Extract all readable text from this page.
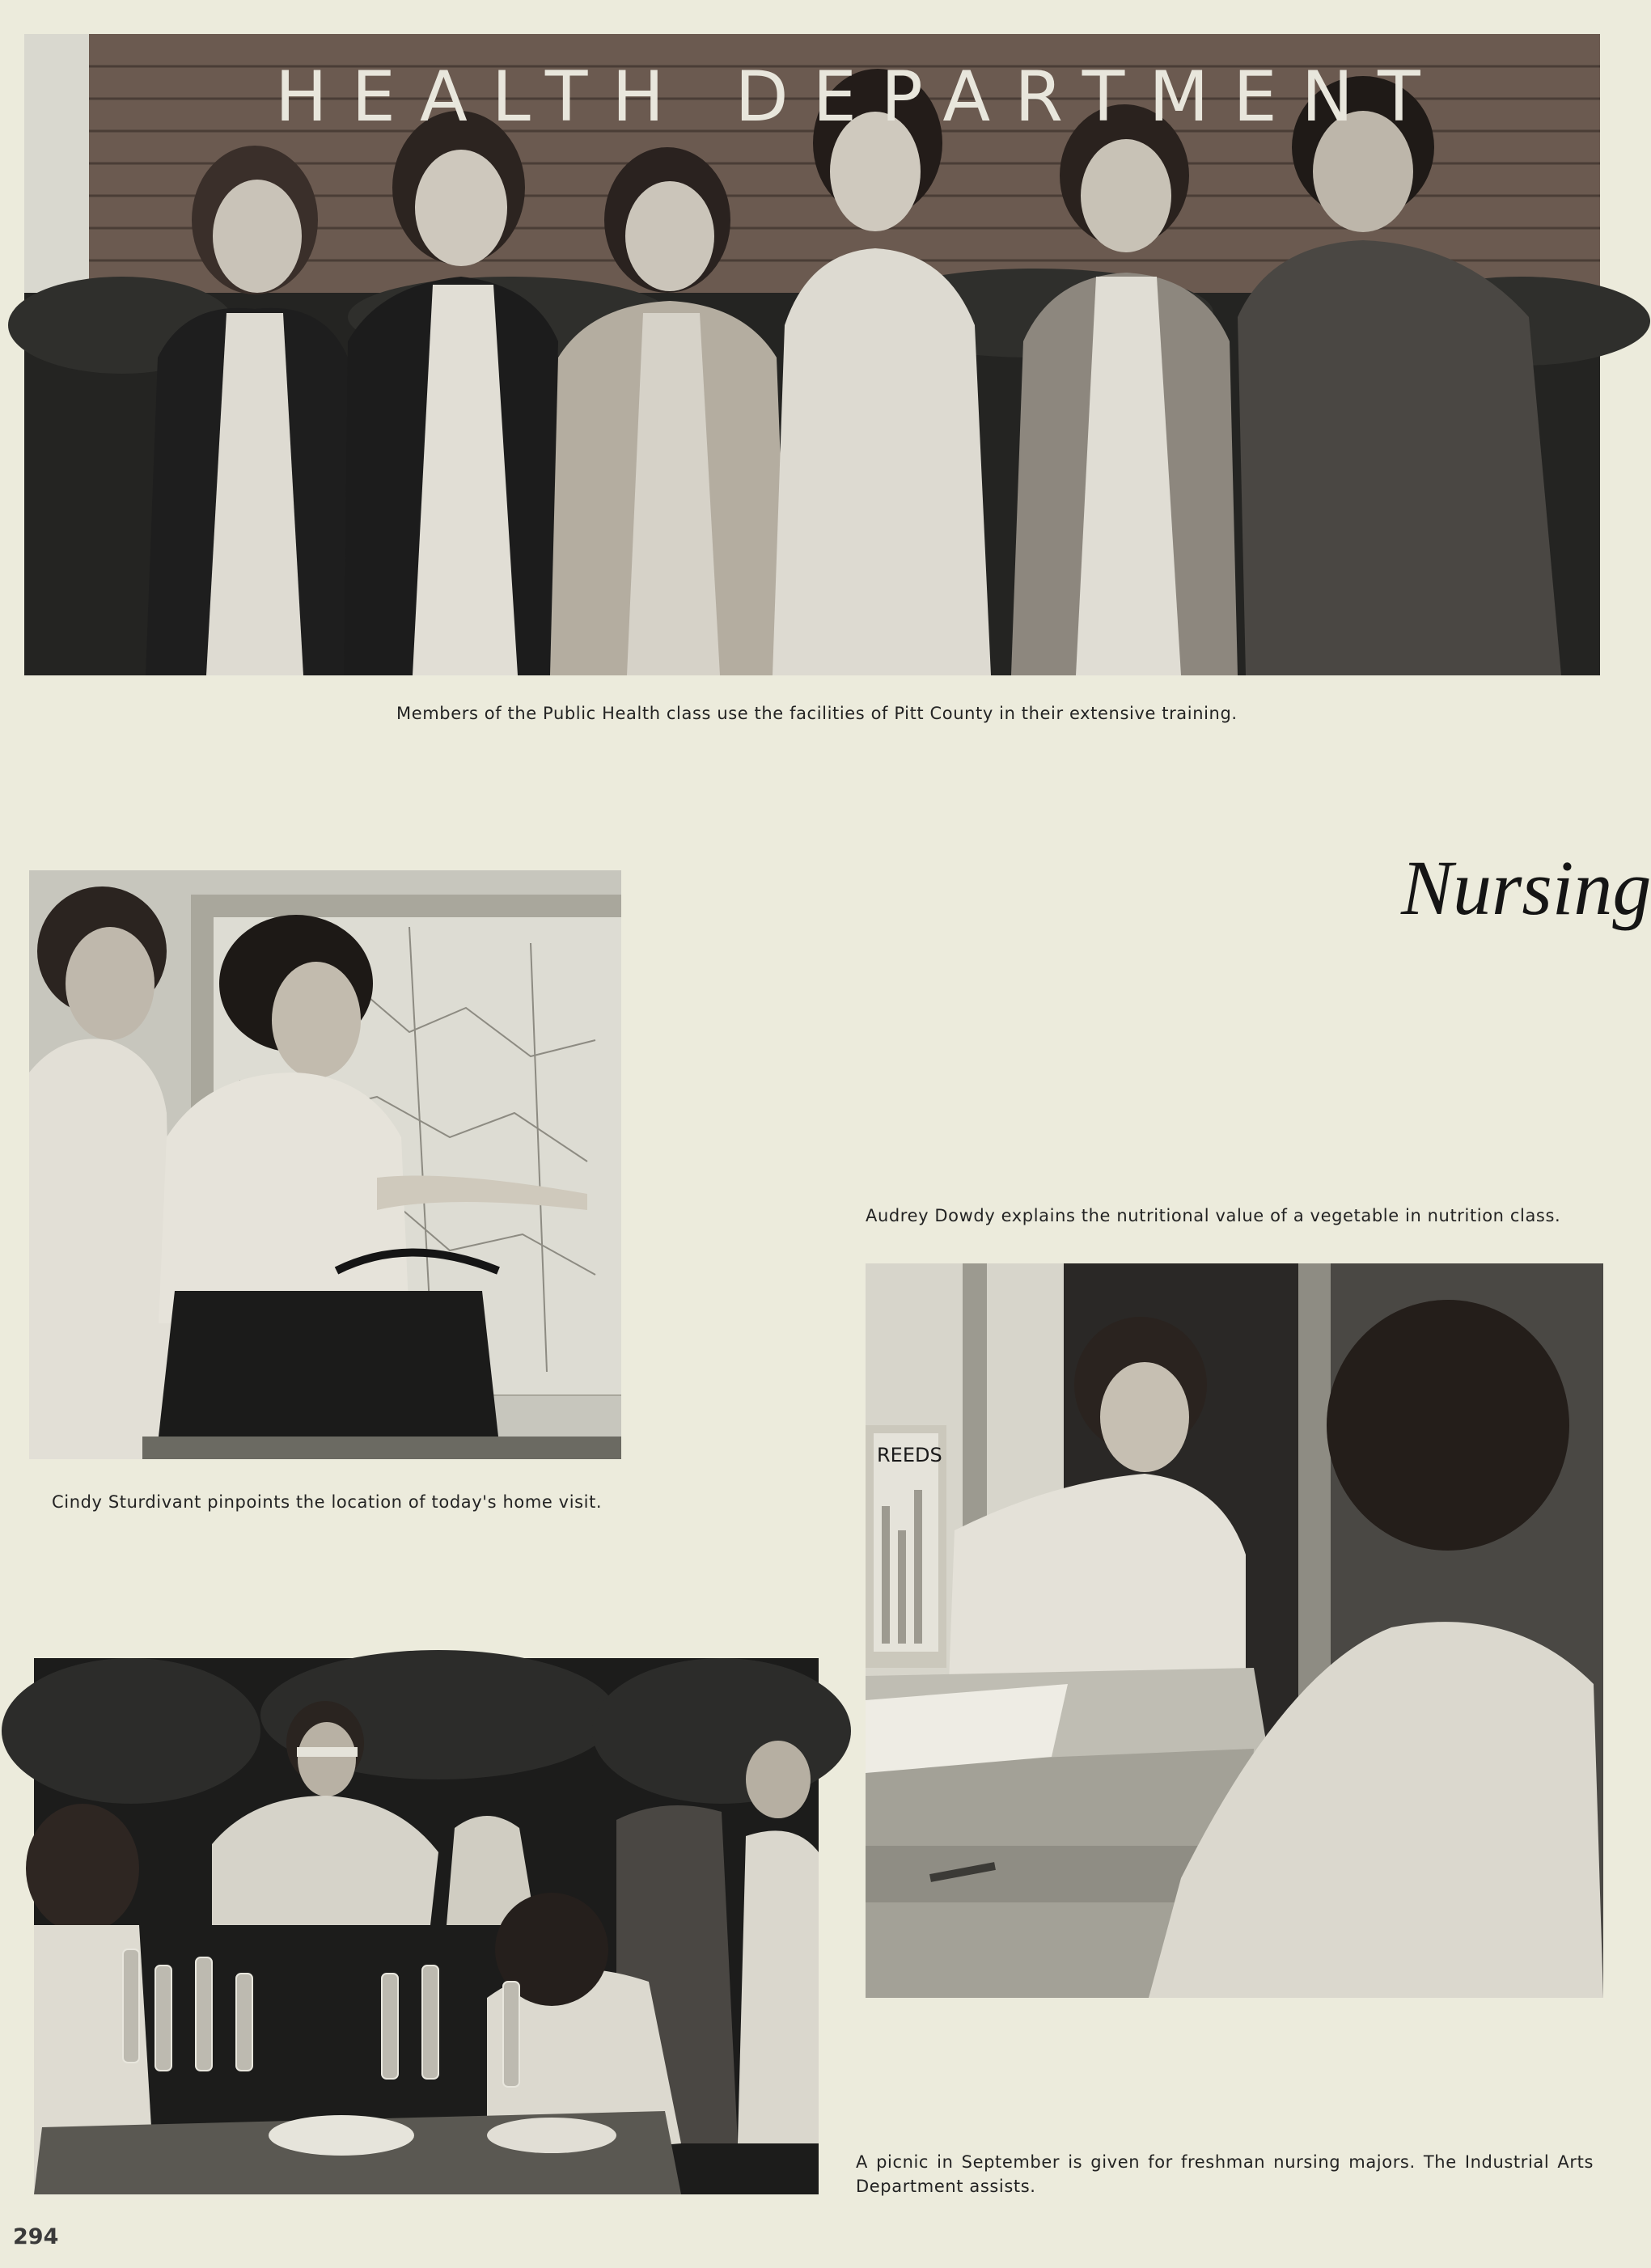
HEALTH DEPARTMENT
Members of the Public Health class use the facilities of Pitt County in their extensive training.
Nursing
Cindy Sturdivant pinpoints the location of today's home visit.
Audrey Dowdy explains the nutritional value of a vegetable in nutrition class.
REEDS
A picnic in September is given for freshman nursing majors. The Industrial Arts Department assists.
294
